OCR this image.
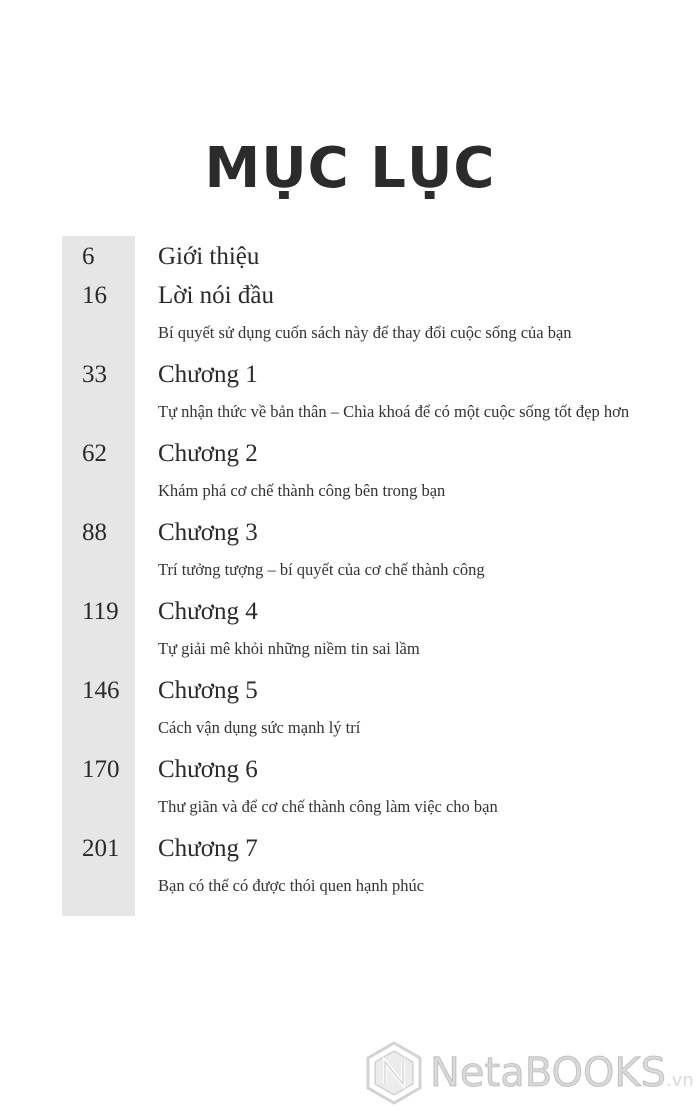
MỤC LỤC
6	Giới thiệu
16 Lời nói đầu
Bí quyết sử dụng cuốn sách này để thay đổi cuộc sống của bạn
33 Chương 1
Tự nhận thức về bản thân – Chìa khoá để có một cuộc sống tốt đẹp hơn
62 Chương 2
Khám phá cơ chế thành công bên trong bạn
88 Chương 3
Trí tưởng tượng – bí quyết của cơ chế thành công
119 Chương 4
Tự giải mê khỏi những niềm tin sai lầm
146 Chương 5
Cách vận dụng sức mạnh lý trí
170 Chương 6
Thư giãn và để cơ chế thành công làm việc cho bạn
201 Chương 7
Bạn có thể có được thói quen hạnh phúc
NetaBOOKS.vn
